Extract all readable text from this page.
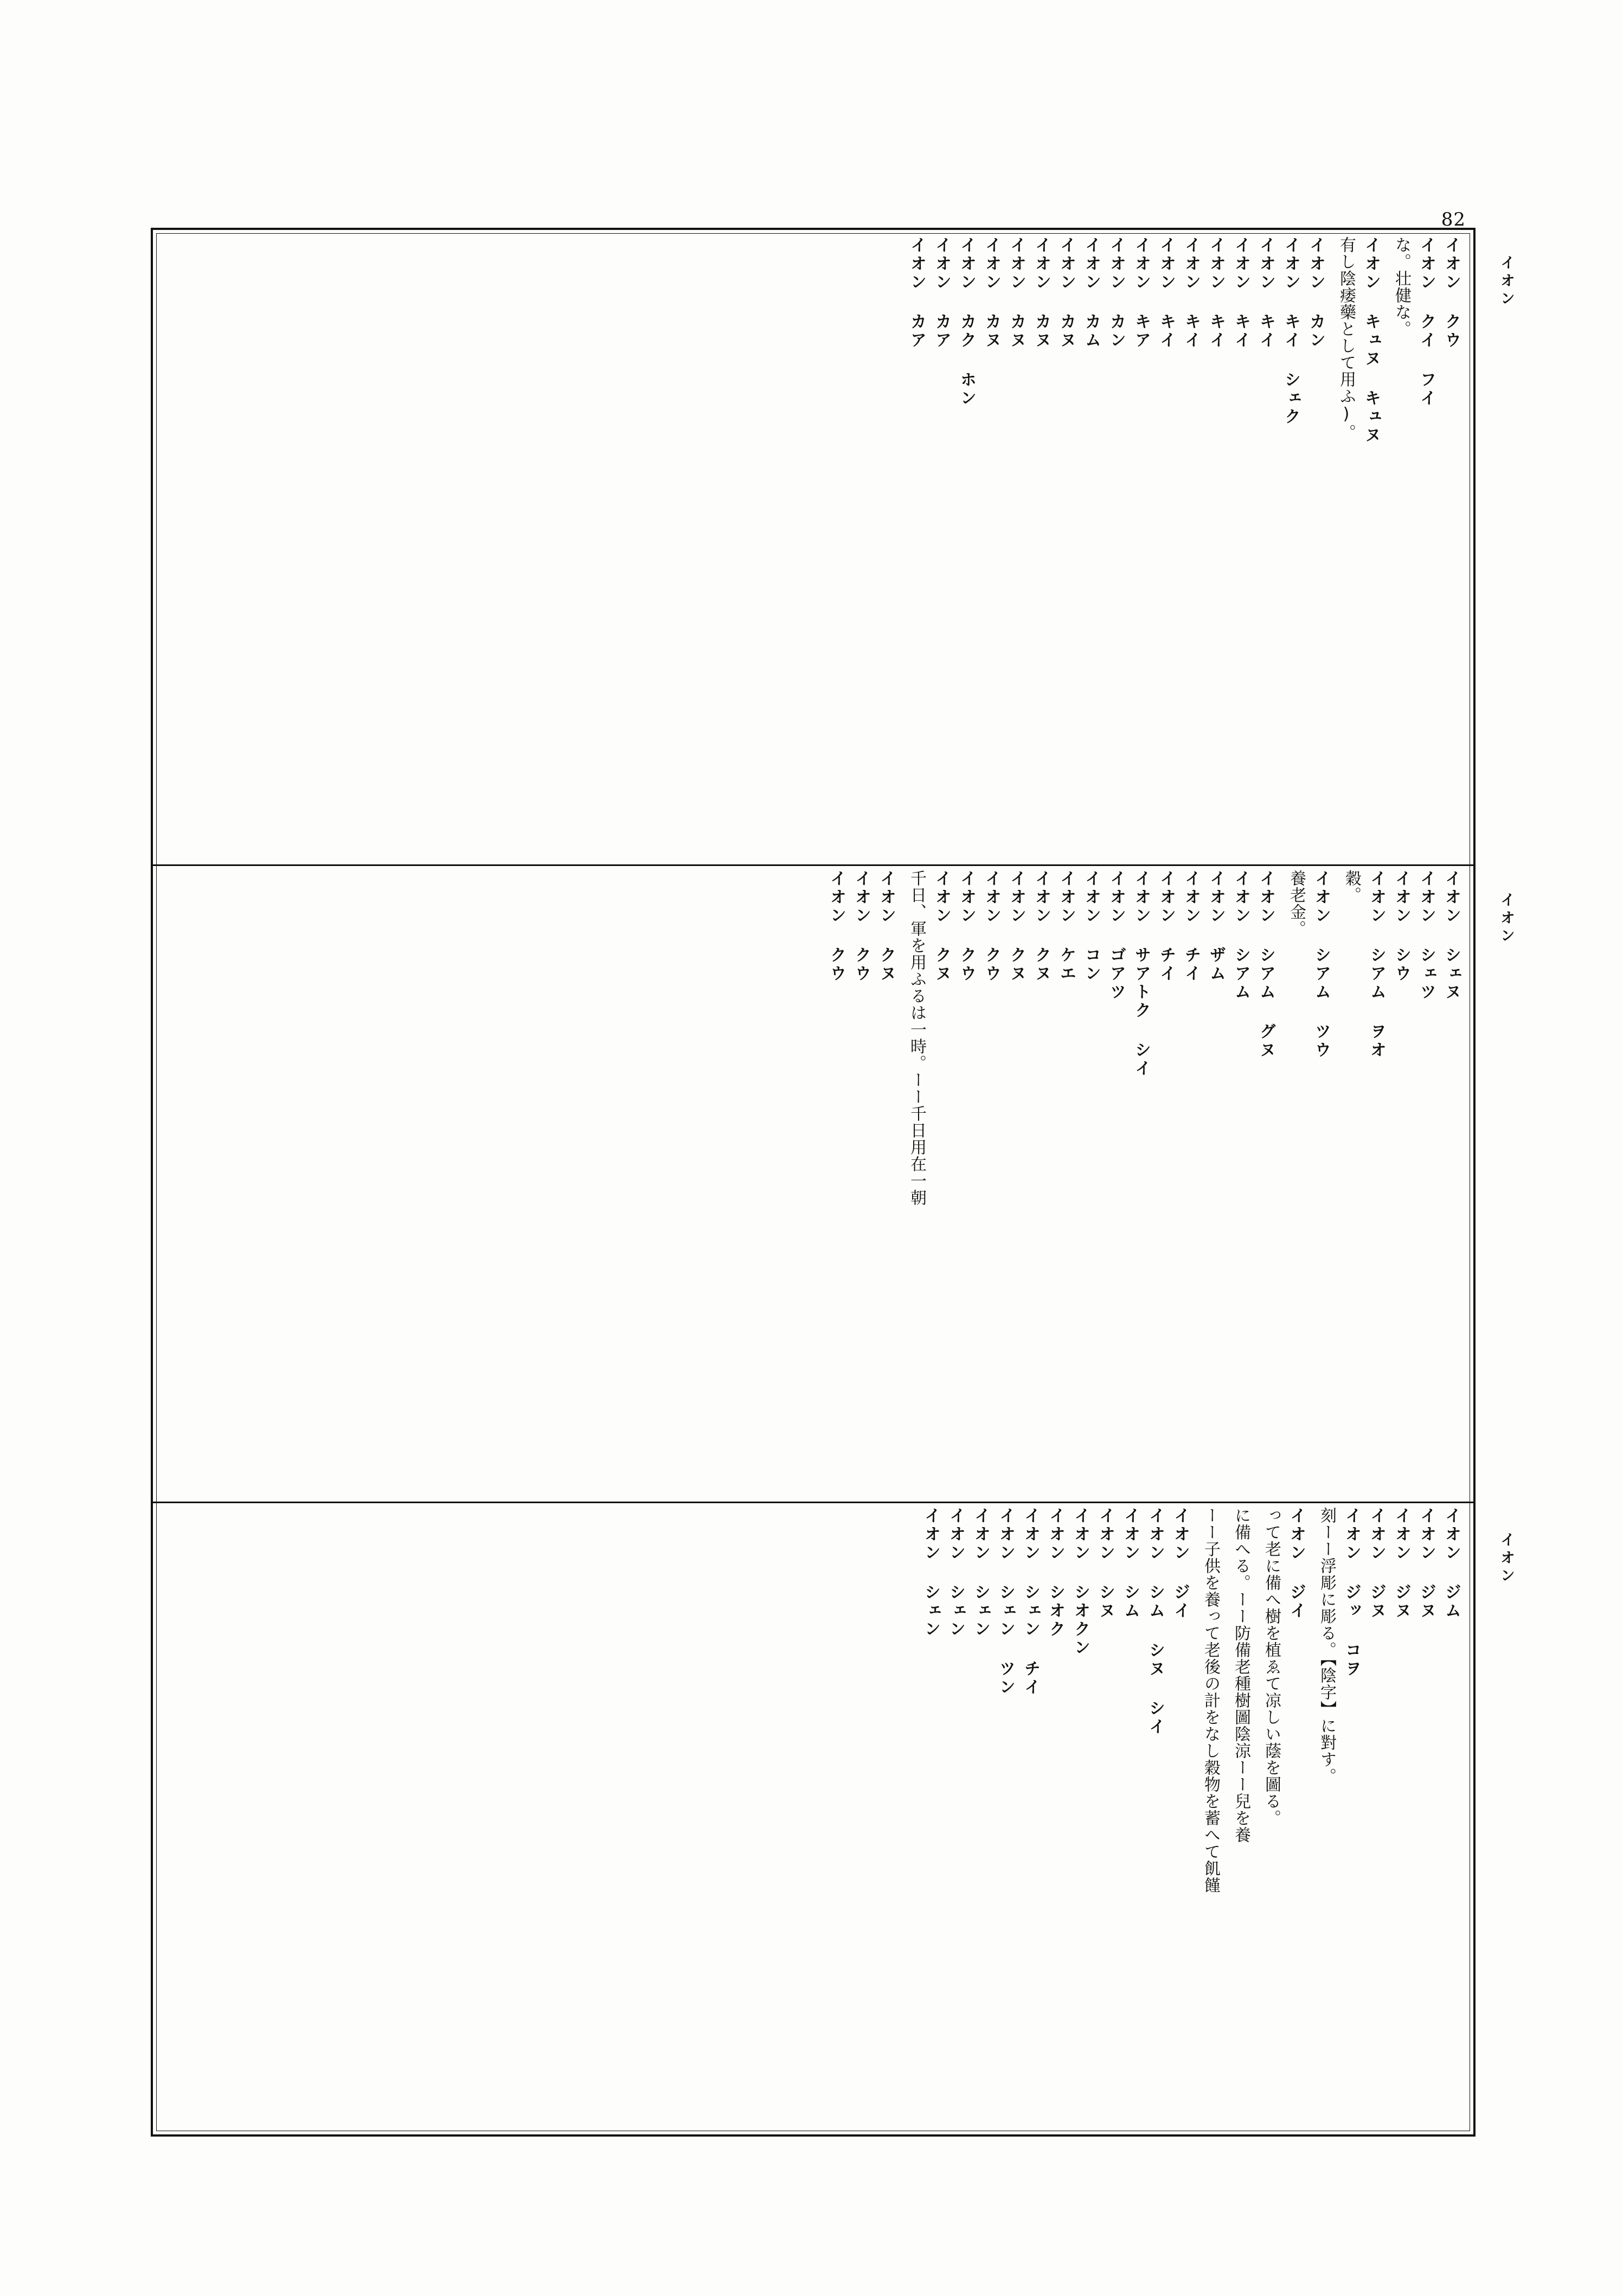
82
イオン
イオン
イオン
イオン カア
　 イオン カア
　 イオン カク ホン
　 イオン カヌ
　 イオン カヌ
　 イオン カヌ
　 イオン カヌ
　 イオン カム
　 イオン カン
　 イオン キア
　 イオン キイ
　 イオン キイ
　 イオン キイ
　 イオン キイ
　 イオン キイ
　 イオン キイ シェク
　 イオン カン
　 有し陰痿藥として用ふ)。 イオン キュヌ キュヌ
　 な。壮健な。 イオン クイ フイ
　 イオン クウ

イオン クウ
　 イオン クウ
　 イオン クヌ
　 千日、軍を用ふるは一時。ーー千日用在一朝 イオン クヌ
　 イオン クウ
　 イオン クウ
　 イオン クヌ
　 イオン クヌ
　 イオン ケエ
　 イオン コン
　 イオン ゴアツ
　 イオン サアトク シイ
　 イオン チイ
　 イオン チイ
　 イオン ザム
　 イオン シアム
　 イオン シアム グヌ
　 養老金。 イオン シアム ツウ
　 穀。 イオン シアム ヲオ
　 イオン シウ
　 イオン シェツ
　 イオン シェヌ

イオン シェン
　 イオン シェン
　 イオン シェン
　 イオン シェン ツン
　 イオン シェン チイ
　 イオン シオク
　 イオン シオクン
　 イオン シヌ
　 イオン シム
　 イオン シム シヌ シイ
　 イオン ジイ
　 ーー子供を養って老後の計をなし穀物を蓄へて飢饉 に備へる。ーー防備老種樹圖陰涼ーー兒を養 って老に備へ樹を植ゑて凉しい蔭を圖る。 イオン ジイ
　 刻ーー浮彫に彫る。【陰字】に對す。 イオン ジッ コヲ
　 イオン ジヌ
　 イオン ジヌ
　 イオン ジヌ
　 イオン ジム
